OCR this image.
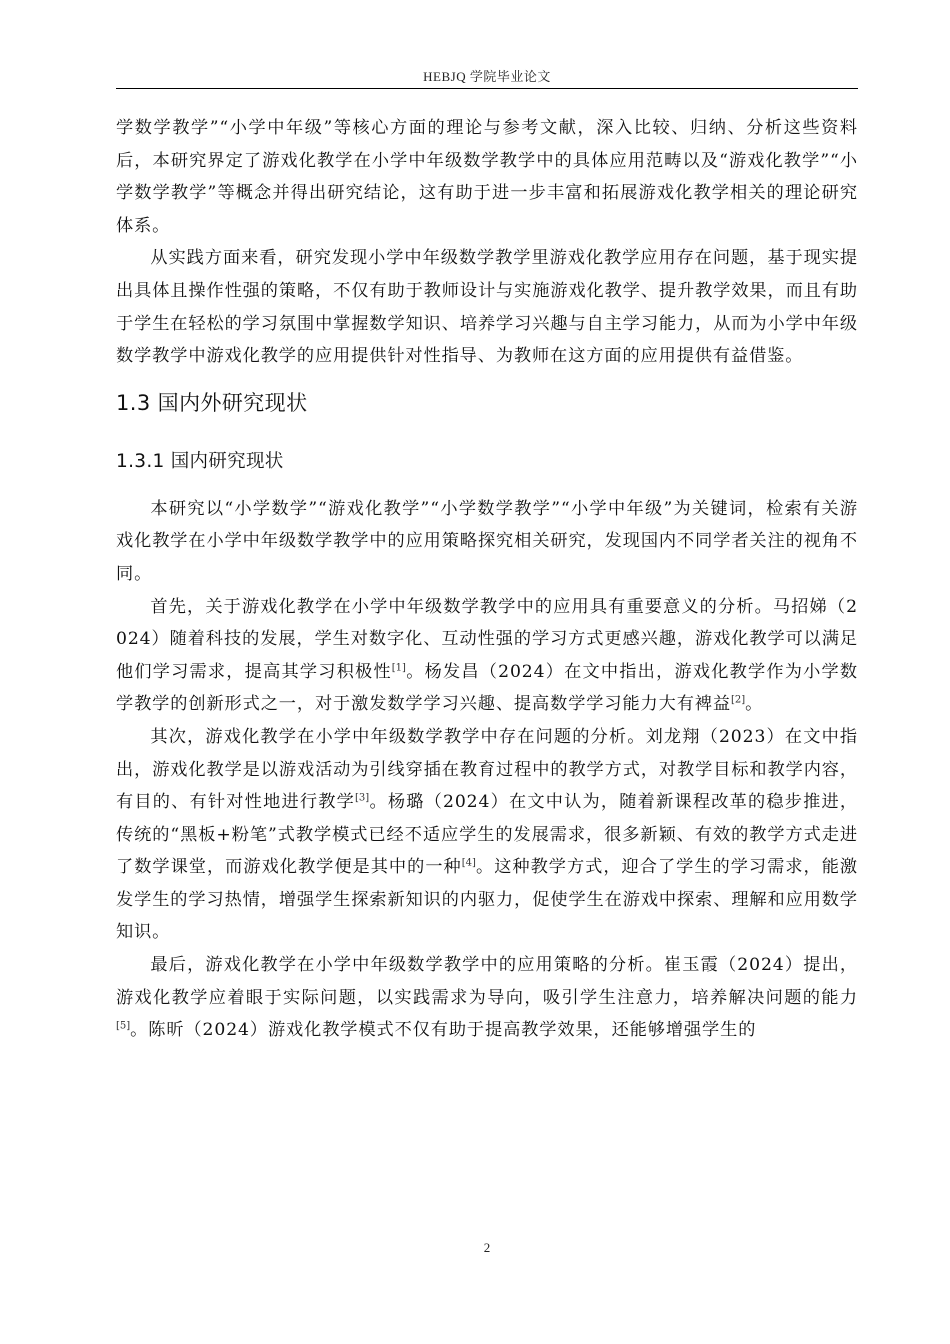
HEBJQ 学院毕业论文

学数学教学”“小学中年级”等核心方面的理论与参考文献，深入比较、归纳、分析这些资料后，本研究界定了游戏化教学在小学中年级数学教学中的具体应用范畴以及“游戏化教学”“小学数学教学”等概念并得出研究结论，这有助于进一步丰富和拓展游戏化教学相关的理论研究体系。

从实践方面来看，研究发现小学中年级数学教学里游戏化教学应用存在问题，基于现实提出具体且操作性强的策略，不仅有助于教师设计与实施游戏化教学、提升教学效果，而且有助于学生在轻松的学习氛围中掌握数学知识、培养学习兴趣与自主学习能力，从而为小学中年级数学教学中游戏化教学的应用提供针对性指导、为教师在这方面的应用提供有益借鉴。

1.3 国内外研究现状
1.3.1 国内研究现状

本研究以“小学数学”“游戏化教学”“小学数学教学”“小学中年级”为关键词，检索有关游戏化教学在小学中年级数学教学中的应用策略探究相关研究，发现国内不同学者关注的视角不同。

首先，关于游戏化教学在小学中年级数学教学中的应用具有重要意义的分析。马招娣（2024）随着科技的发展，学生对数字化、互动性强的学习方式更感兴趣，游戏化教学可以满足他们学习需求，提高其学习积极性[1]。杨发昌（2024）在文中指出，游戏化教学作为小学数学教学的创新形式之一，对于激发数学学习兴趣、提高数学学习能力大有裨益[2]。

其次，游戏化教学在小学中年级数学教学中存在问题的分析。刘龙翔（2023）在文中指出，游戏化教学是以游戏活动为引线穿插在教育过程中的教学方式，对教学目标和教学内容，有目的、有针对性地进行教学[3]。杨璐（2024）在文中认为，随着新课程改革的稳步推进，传统的“黑板+粉笔”式教学模式已经不适应学生的发展需求，很多新颖、有效的教学方式走进了数学课堂，而游戏化教学便是其中的一种[4]。这种教学方式，迎合了学生的学习需求，能激发学生的学习热情，增强学生探索新知识的内驱力，促使学生在游戏中探索、理解和应用数学知识。

最后，游戏化教学在小学中年级数学教学中的应用策略的分析。崔玉霞（2024）提出，游戏化教学应着眼于实际问题，以实践需求为导向，吸引学生注意力，培养解决问题的能力[5]。陈昕（2024）游戏化教学模式不仅有助于提高教学效果，还能够增强学生的

2
